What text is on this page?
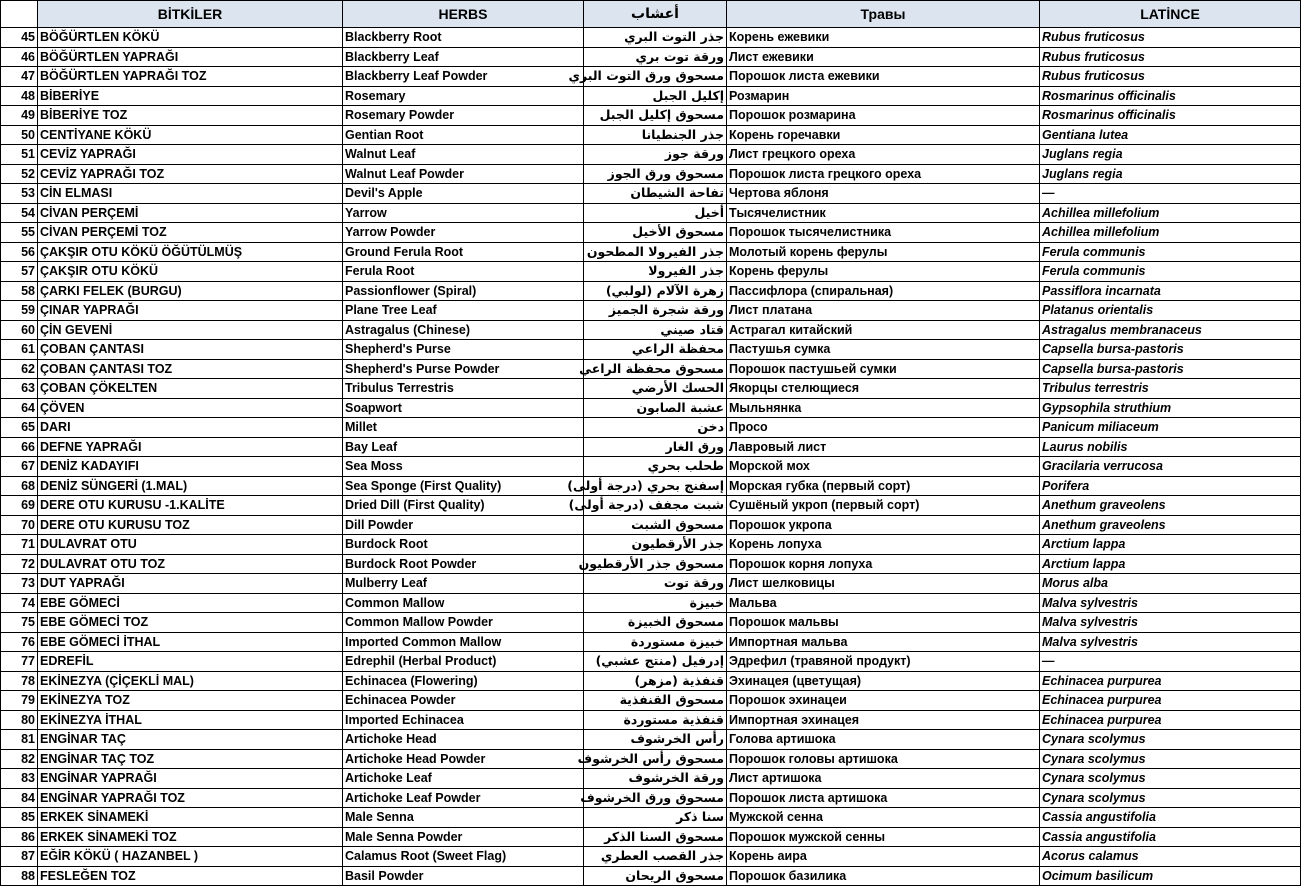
	BİTKİLER	HERBS	أعشاب	Травы	LATİNCE
45	BÖĞÜRTLEN KÖKÜ	Blackberry Root	جذر التوت البري	Корень ежевики	Rubus fruticosus
46	BÖĞÜRTLEN YAPRAĞI	Blackberry Leaf	ورقة توت بري	Лист ежевики	Rubus fruticosus
47	BÖĞÜRTLEN YAPRAĞI TOZ	Blackberry Leaf Powder	مسحوق ورق التوت البري	Порошок листа ежевики	Rubus fruticosus
48	BİBERİYE	Rosemary	إكليل الجبل	Розмарин	Rosmarinus officinalis
49	BİBERİYE TOZ	Rosemary Powder	مسحوق إكليل الجبل	Порошок розмарина	Rosmarinus officinalis
50	CENTİYANE KÖKÜ	Gentian Root	جذر الجنطيانا	Корень горечавки	Gentiana lutea
51	CEVİZ YAPRAĞI	Walnut Leaf	ورقة جوز	Лист грецкого ореха	Juglans regia
52	CEVİZ YAPRAĞI TOZ	Walnut Leaf Powder	مسحوق ورق الجوز	Порошок листа грецкого ореха	Juglans regia
53	CİN ELMASI	Devil's Apple	تفاحة الشيطان	Чертова яблоня	—
54	CİVAN PERÇEMİ	Yarrow	أخيل	Тысячелистник	Achillea millefolium
55	CİVAN PERÇEMİ TOZ	Yarrow Powder	مسحوق الأخيل	Порошок тысячелистника	Achillea millefolium
56	ÇAKŞIR OTU KÖKÜ ÖĞÜTÜLMÜŞ	Ground Ferula Root	جذر الفيرولا المطحون	Молотый корень ферулы	Ferula communis
57	ÇAKŞIR OTU KÖKÜ	Ferula Root	جذر الفيرولا	Корень ферулы	Ferula communis
58	ÇARKI FELEK (BURGU)	Passionflower (Spiral)	زهرة الآلام (لولبي)	Пассифлора (спиральная)	Passiflora incarnata
59	ÇINAR YAPRAĞI	Plane Tree Leaf	ورقة شجرة الجميز	Лист платана	Platanus orientalis
60	ÇİN GEVENİ	Astragalus (Chinese)	قتاد صيني	Астрагал китайский	Astragalus membranaceus
61	ÇOBAN ÇANTASI	Shepherd's Purse	محفظة الراعي	Пастушья сумка	Capsella bursa-pastoris
62	ÇOBAN ÇANTASI TOZ	Shepherd's Purse Powder	مسحوق محفظة الراعي	Порошок пастушьей сумки	Capsella bursa-pastoris
63	ÇOBAN ÇÖKELTEN	Tribulus Terrestris	الحسك الأرضي	Якорцы стелющиеся	Tribulus terrestris
64	ÇÖVEN	Soapwort	عشبة الصابون	Мыльнянка	Gypsophila struthium
65	DARI	Millet	دخن	Просо	Panicum miliaceum
66	DEFNE YAPRAĞI	Bay Leaf	ورق الغار	Лавровый лист	Laurus nobilis
67	DENİZ KADAYIFI	Sea Moss	طحلب بحري	Морской мох	Gracilaria verrucosa
68	DENİZ SÜNGERİ (1.MAL)	Sea Sponge (First Quality)	إسفنج بحري (درجة أولى)	Морская губка (первый сорт)	Porifera
69	DERE OTU KURUSU -1.KALİTE	Dried Dill (First Quality)	شبت مجفف (درجة أولى)	Сушёный укроп (первый сорт)	Anethum graveolens
70	DERE OTU KURUSU TOZ	Dill Powder	مسحوق الشبت	Порошок укропа	Anethum graveolens
71	DULAVRAT OTU	Burdock Root	جذر الأرقطيون	Корень лопуха	Arctium lappa
72	DULAVRAT OTU TOZ	Burdock Root Powder	مسحوق جذر الأرقطيون	Порошок корня лопуха	Arctium lappa
73	DUT YAPRAĞI	Mulberry Leaf	ورقة توت	Лист шелковицы	Morus alba
74	EBE GÖMECİ	Common Mallow	خبيزة	Мальва	Malva sylvestris
75	EBE GÖMECİ TOZ	Common Mallow Powder	مسحوق الخبيزة	Порошок мальвы	Malva sylvestris
76	EBE GÖMECİ İTHAL	Imported Common Mallow	خبيزة مستوردة	Импортная мальва	Malva sylvestris
77	EDREFİL	Edrephil (Herbal Product)	إدرفيل (منتج عشبي)	Эдрефил (травяной продукт)	—
78	EKİNEZYA (ÇİÇEKLİ MAL)	Echinacea (Flowering)	قنفذية (مزهر)	Эхинацея (цветущая)	Echinacea purpurea
79	EKİNEZYA TOZ	Echinacea Powder	مسحوق القنفذية	Порошок эхинацеи	Echinacea purpurea
80	EKİNEZYA İTHAL	Imported Echinacea	قنفذية مستوردة	Импортная эхинацея	Echinacea purpurea
81	ENGİNAR TAÇ	Artichoke Head	رأس الخرشوف	Голова артишока	Cynara scolymus
82	ENGİNAR TAÇ TOZ	Artichoke Head Powder	مسحوق رأس الخرشوف	Порошок головы артишока	Cynara scolymus
83	ENGİNAR YAPRAĞI	Artichoke Leaf	ورقة الخرشوف	Лист артишока	Cynara scolymus
84	ENGİNAR YAPRAĞI TOZ	Artichoke Leaf Powder	مسحوق ورق الخرشوف	Порошок листа артишока	Cynara scolymus
85	ERKEK SİNAMEKİ	Male Senna	سنا ذكر	Мужской сенна	Cassia angustifolia
86	ERKEK SİNAMEKİ TOZ	Male Senna Powder	مسحوق السنا الذكر	Порошок мужской сенны	Cassia angustifolia
87	EĞİR KÖKÜ ( HAZANBEL )	Calamus Root (Sweet Flag)	جذر القصب العطري	Корень аира	Acorus calamus
88	FESLEĞEN TOZ	Basil Powder	مسحوق الريحان	Порошок базилика	Ocimum basilicum
